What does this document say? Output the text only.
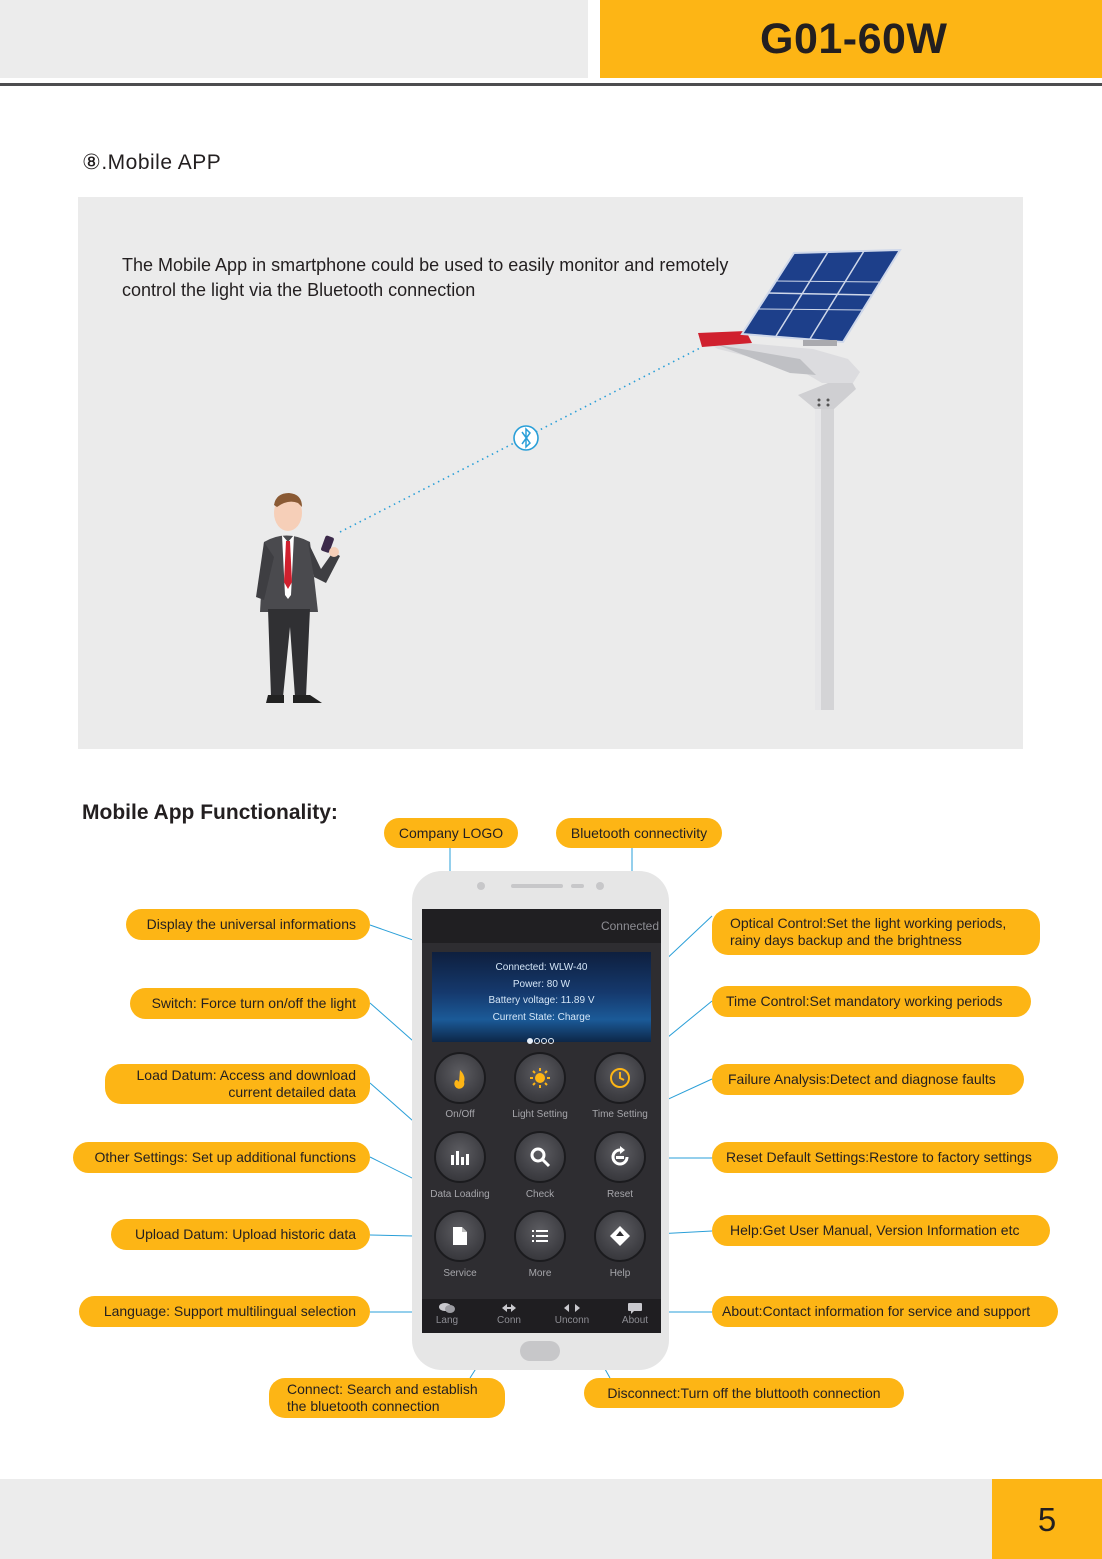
G01-60W
⑧.Mobile APP
The Mobile App in smartphone could be used to easily monitor and remotely control the light via the Bluetooth connection
Mobile App Functionality:
Connected
Connected: WLW-40
Power: 80 W
Battery voltage: 11.89 V
Current State: Charge
On/Off	Light Setting	Time Setting
Data Loading	Check	Reset
Service	More	Help
Lang	Conn	Unconn	About
Company LOGO	Bluetooth connectivity
Display the universal informations
Switch: Force turn on/off the light
Load Datum: Access and download
current detailed data
Other Settings: Set up additional functions
Upload Datum: Upload historic data
Language: Support multilingual selection
Connect: Search and establish
the bluetooth connection
Disconnect:Turn off the bluttooth connection
Optical Control:Set the light working periods,
rainy days backup and the brightness
Time Control:Set mandatory working periods
Failure Analysis:Detect and diagnose faults
Reset Default Settings:Restore to factory settings
Help:Get User Manual, Version Information etc
About:Contact information for service and support
5
